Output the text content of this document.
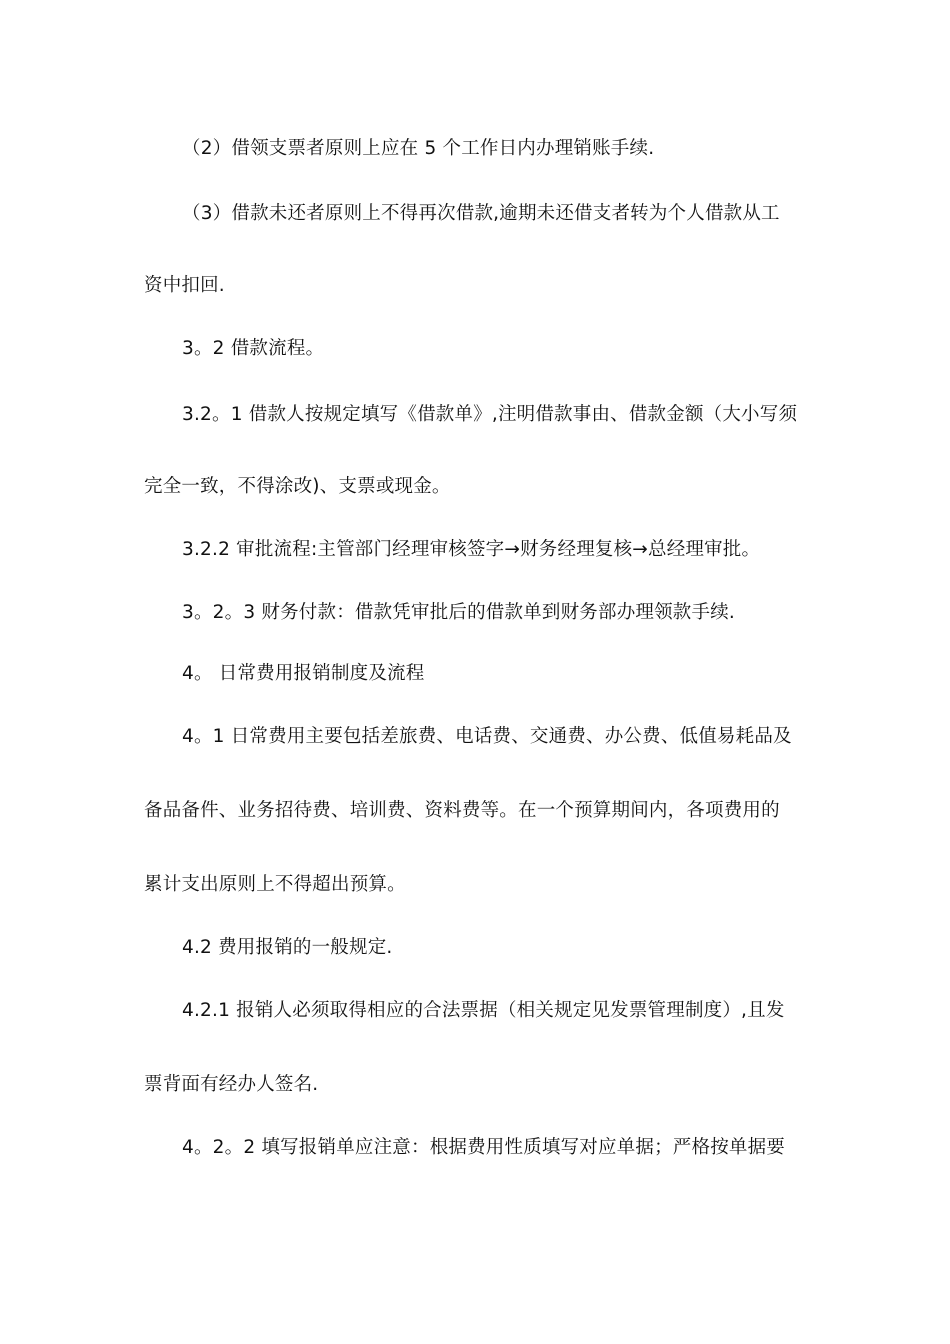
（2）借领支票者原则上应在 5 个工作日内办理销账手续.
（3）借款未还者原则上不得再次借款,逾期未还借支者转为个人借款从工
资中扣回.
3。2 借款流程。
3.2。1 借款人按规定填写《借款单》,注明借款事由、借款金额（大小写须
完全一致，不得涂改)、支票或现金。
3.2.2 审批流程:主管部门经理审核签字→财务经理复核→总经理审批。
3。2。3 财务付款：借款凭审批后的借款单到财务部办理领款手续.
4。 日常费用报销制度及流程
4。1 日常费用主要包括差旅费、电话费、交通费、办公费、低值易耗品及
备品备件、业务招待费、培训费、资料费等。在一个预算期间内，各项费用的
累计支出原则上不得超出预算。
4.2 费用报销的一般规定.
4.2.1 报销人必须取得相应的合法票据（相关规定见发票管理制度）,且发
票背面有经办人签名.
4。2。2 填写报销单应注意：根据费用性质填写对应单据；严格按单据要
